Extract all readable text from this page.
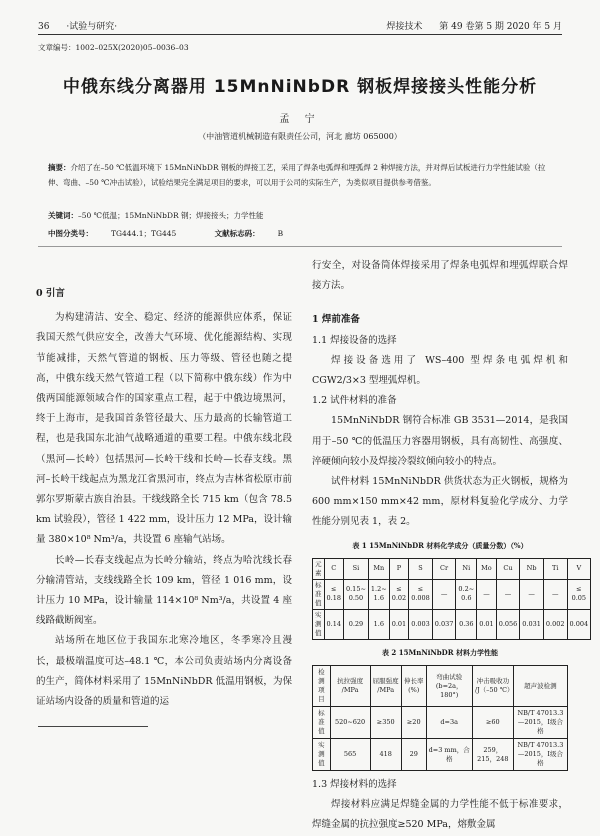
36 ·试验与研究·	焊接技术 第 49 卷第 5 期 2020 年 5 月
文章编号：1002–025X(2020)05–0036–03
中俄东线分离器用 15MnNiNbDR 钢板焊接接头性能分析
孟 宁
（中油管道机械制造有限责任公司，河北 廊坊 065000）
摘要：介绍了在–50 ℃低温环境下 15MnNiNbDR 钢板的焊接工艺，采用了焊条电弧焊和埋弧焊 2 种焊接方法，并对焊后试板进行力学性能试验（拉伸、弯曲、–50 ℃冲击试验），试验结果完全满足项目的要求，可以用于公司的实际生产，为类似项目提供参考借鉴。
关键词：–50 ℃低温；15MnNiNbDR 钢；焊接接头；力学性能
中图分类号： TG444.1；TG445	文献标志码： B

0 引言

为构建清洁、安全、稳定、经济的能源供应体系，保证我国天然气供应安全，改善大气环境、优化能源结构、实现节能减排，天然气管道的钢板、压力等级、管径也随之提高，中俄东线天然气管道工程（以下简称中俄东线）作为中俄两国能源领域合作的国家重点工程，起于中俄边境黑河，终于上海市，是我国首条管径最大、压力最高的长输管道工程，也是我国东北油气战略通道的重要工程。中俄东线北段（黑河—长岭）包括黑河—长岭干线和长岭—长春支线。黑河–长岭干线起点为黑龙江省黑河市，终点为吉林省松原市前郭尔罗斯蒙古族自治县。干线线路全长 715 km（包含 78.5 km 试验段），管径 1 422 mm，设计压力 12 MPa，设计输量 380×10⁸ Nm³/a，共设置 6 座输气站场。

长岭—长春支线起点为长岭分输站，终点为哈沈线长春分输清管站，支线线路全长 109 km，管径 1 016 mm，设计压力 10 MPa，设计输量 114×10⁸ Nm³/a，共设置 4 座线路截断阀室。

站场所在地区位于我国东北寒冷地区，冬季寒冷且漫长，最极端温度可达–48.1 ℃，本公司负责站场内分离设备的生产，简体材料采用了 15MnNiNbDR 低温用钢板，为保证站场内设备的质量和管道的运

行安全，对设备筒体焊接采用了焊条电弧焊和埋弧焊联合焊接方法。

1 焊前准备

1.1 焊接设备的选择

焊接设备选用了 WS–400 型焊条电弧焊机和 CGW2/3×3 型埋弧焊机。

1.2 试件材料的准备

15MnNiNbDR 钢符合标准 GB 3531—2014，是我国用于–50 ℃的低温压力容器用钢板，具有高韧性、高强度、淬硬倾向较小及焊接冷裂纹倾向较小的特点。

试件材料 15MnNiNbDR 供货状态为正火钢板，规格为 600 mm×150 mm×42 mm，原材料复验化学成分、力学性能分别见表 1，表 2。

表 1 15MnNiNbDR 材料化学成分（质量分数）（%）
元素	C	Si	Mn	P	S	Cr	Ni	Mo	Cu	Nb	Ti	V
标准值	≤ 0.18	0.15~ 0.50	1.2~ 1.6	≤ 0.02	≤ 0.008	—	0.2~ 0.6	—	—	—	—	≤ 0.05
实测值	0.14	0.29	1.6	0.01	0.003	0.037	0.36	0.01	0.056	0.031	0.002	0.004
表 2 15MnNiNbDR 材料力学性能
检测项目	抗拉强度 /MPa	屈服强度 /MPa	伸长率 (%)	弯曲试验 (b=2a，180°)	冲击吸收功 /J（–50 ℃）	超声波检测
标准值	520~620	≥350	≥20	d=3a	≥60	NB/T 47013.3—2015，Ⅰ级合格
实测值	565	418	29	d=3 mm，合格	259，215，248	NB/T 47013.3—2015，Ⅰ级合格

1.3 焊接材料的选择

焊接材料应满足焊缝金属的力学性能不低于标准要求，焊缝金属的抗拉强度≥520 MPa，熔敷金属
